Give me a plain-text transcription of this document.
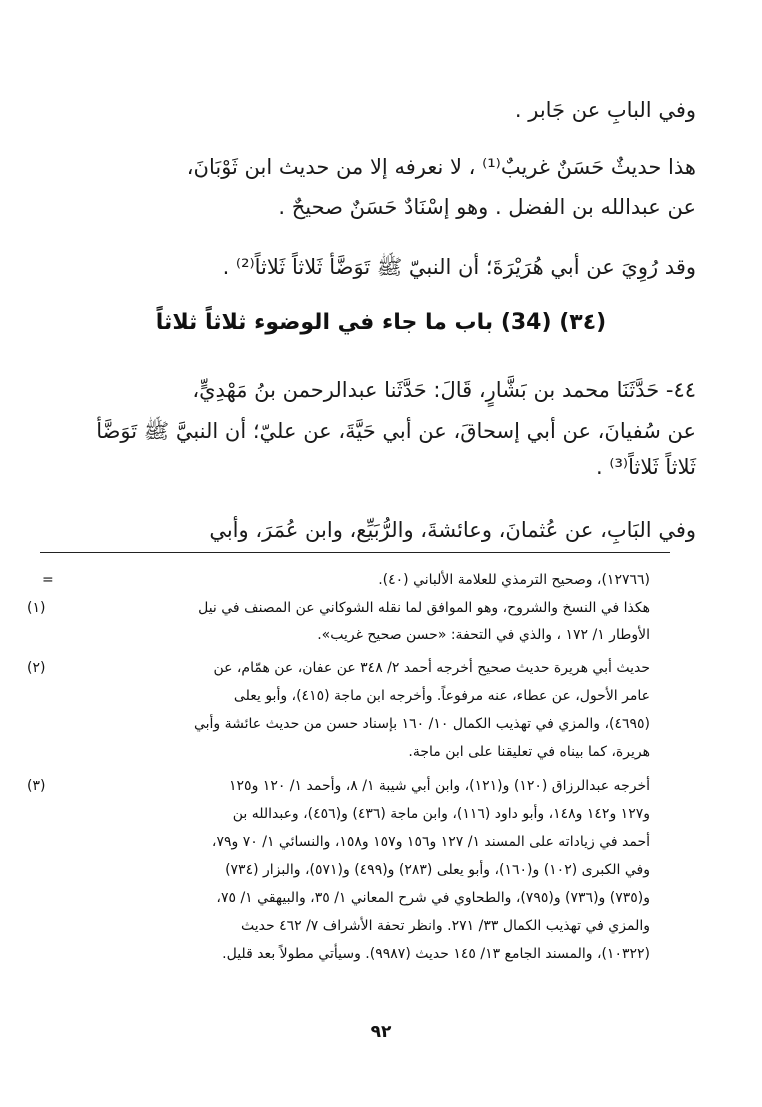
وفي البابِ عن جَابر .
هذا حديثٌ حَسَنٌ غريبٌ⁽¹⁾ ، لا نعرفه إلا من حديث ابن ثَوْبَانَ،
عن عبدالله بن الفضل . وهو إسْنَادٌ حَسَنٌ صحيحٌ .
وقد رُوِيَ عن أبي هُرَيْرَةَ؛ أن النبيّ ﷺ تَوَضَّأ ثَلاثاً ثَلاثاً⁽²⁾ .
(٣٤) (34) باب ما جاء في الوضوء ثلاثاً ثلاثاً
٤٤- حَدَّثَنَا محمد بن بَشَّارٍ، قَالَ: حَدَّثَنا عبدالرحمن بنُ مَهْدِيٍّ،
عن سُفيانَ، عن أبي إسحاقَ، عن أبي حَيَّةَ، عن عليّ؛ أن النبيَّ ﷺ تَوَضَّأ
ثَلاثاً ثَلاثاً⁽³⁾ .
وفي البَابِ، عن عُثمانَ، وعائشةَ، والرُّبَيِّع، وابن عُمَرَ، وأبي
=	(١٢٧٦٦)، وصحيح الترمذي للعلامة الألباني (٤٠).
(١)	هكذا في النسخ والشروح، وهو الموافق لما نقله الشوكاني عن المصنف في نيل
الأوطار ١/ ١٧٢ ، والذي في التحفة: «حسن صحيح غريب».
(٢)	حديث أبي هريرة حديث صحيح أخرجه أحمد ٢/ ٣٤٨ عن عفان، عن همّام، عن
عامر الأحول، عن عطاء، عنه مرفوعاً. وأخرجه ابن ماجة (٤١٥)، وأبو يعلى
(٤٦٩٥)، والمزي في تهذيب الكمال ١٠/ ١٦٠ بإسناد حسن من حديث عائشة وأبي
هريرة، كما بيناه في تعليقنا على ابن ماجة.
(٣)	أخرجه عبدالرزاق (١٢٠) و(١٢١)، وابن أبي شيبة ١/ ٨، وأحمد ١/ ١٢٠ و١٢٥
و١٢٧ و١٤٢ و١٤٨، وأبو داود (١١٦)، وابن ماجة (٤٣٦) و(٤٥٦)، وعبدالله بن
أحمد في زياداته على المسند ١/ ١٢٧ و١٥٦ و١٥٧ و١٥٨، والنسائي ١/ ٧٠ و٧٩،
وفي الكبرى (١٠٢) و(١٦٠)، وأبو يعلى (٢٨٣) و(٤٩٩) و(٥٧١)، والبزار (٧٣٤)
و(٧٣٥) و(٧٣٦) و(٧٩٥)، والطحاوي في شرح المعاني ١/ ٣٥، والبيهقي ١/ ٧٥،
والمزي في تهذيب الكمال ٣٣/ ٢٧١. وانظر تحفة الأشراف ٧/ ٤٦٢ حديث
(١٠٣٢٢)، والمسند الجامع ١٣/ ١٤٥ حديث (٩٩٨٧). وسيأتي مطولاً بعد قليل.
٩٢
